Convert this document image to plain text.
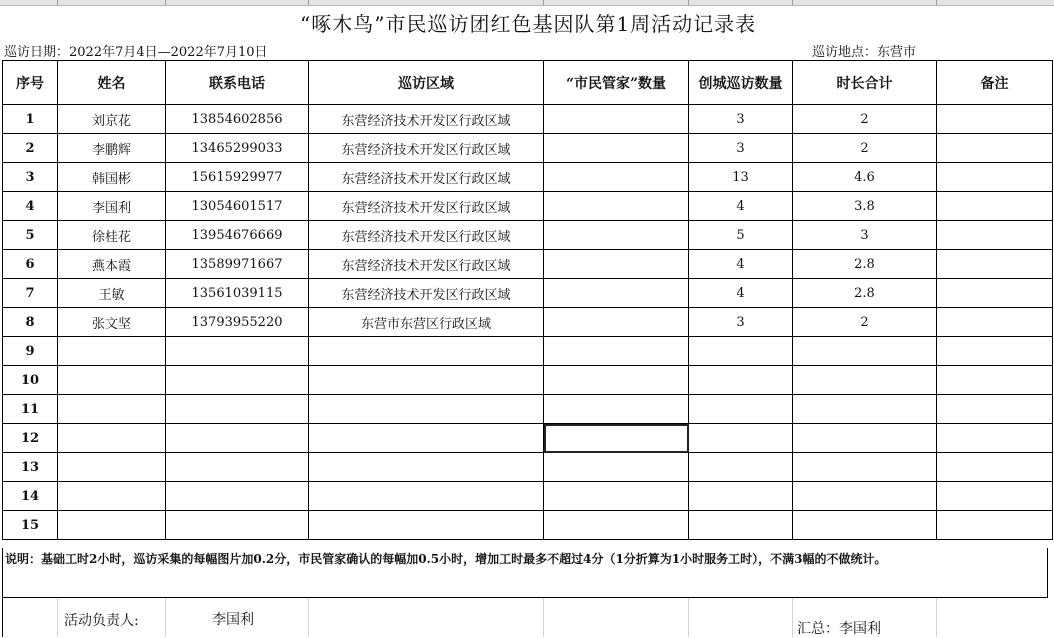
“啄木鸟”市民巡访团红色基因队第1周活动记录表
巡访日期：2022年7月4日—2022年7月10日	巡访地点：东营市
序号	姓名	联系电话	巡访区域	“市民管家”数量	创城巡访数量	时长合计	备注
1	刘京花	13854602856	东营经济技术开发区行政区域		3	2	
2	李鹏辉	13465299033	东营经济技术开发区行政区域		3	2	
3	韩国彬	15615929977	东营经济技术开发区行政区域		13	4.6	
4	李国利	13054601517	东营经济技术开发区行政区域		4	3.8	
5	徐桂花	13954676669	东营经济技术开发区行政区域		5	3	
6	燕本霞	13589971667	东营经济技术开发区行政区域		4	2.8	
7	王敏	13561039115	东营经济技术开发区行政区域		4	2.8	
8	张文坚	13793955220	东营市东营区行政区域		3	2	
9							
10							
11							
12							
13							
14							
15							
说明：基础工时2小时，巡访采集的每幅图片加0.2分，市民管家确认的每幅加0.5小时，增加工时最多不超过4分（1分折算为1小时服务工时），不满3幅的不做统计。
活动负责人:	李国利
汇总：李国利
